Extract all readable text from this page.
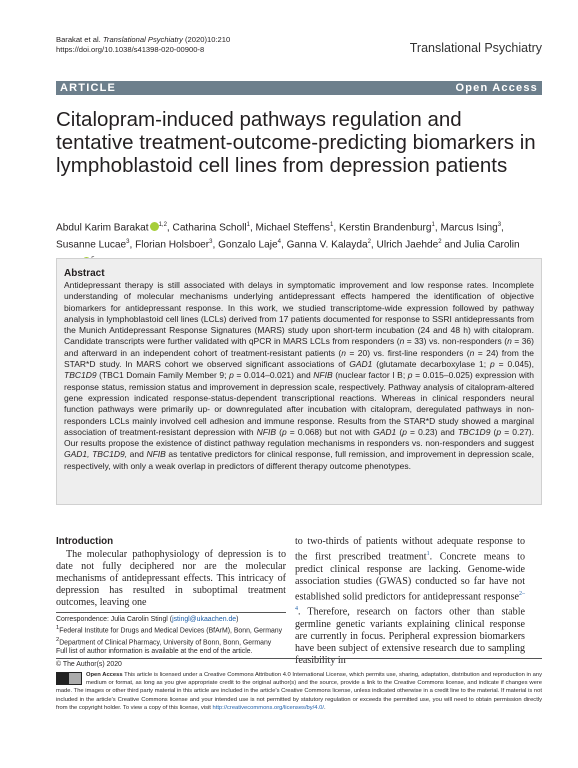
Barakat et al. Translational Psychiatry (2020)10:210
https://doi.org/10.1038/s41398-020-00900-8	Translational Psychiatry
ARTICLE	Open Access
Citalopram-induced pathways regulation and tentative treatment-outcome-predicting biomarkers in lymphoblastoid cell lines from depression patients
Abdul Karim Barakat $^{1,2}$, Catharina Scholl$^1$, Michael Steffens$^1$, Kerstin Brandenburg$^1$, Marcus Ising$^3$, Susanne Lucae$^3$, Florian Holsboer$^3$, Gonzalo Laje$^4$, Ganna V. Kalayda$^2$, Ulrich Jaehde$^2$ and Julia Carolin
Abstract

Antidepressant therapy is still associated with delays in symptomatic improvement and low response rates. Incomplete understanding of molecular mechanisms underlying antidepressant effects hampered the identification of objective biomarkers for antidepressant response. In this work, we studied transcriptome-wide expression followed by pathway analysis in lymphoblastoid cell lines (LCLs) derived from 17 patients documented for response to SSRI antidepressants from the Munich Antidepressant Response Signatures (MARS) study upon short-term incubation (24 and 48 h) with citalopram. Candidate transcripts were further validated with qPCR in MARS LCLs from responders (n = 33) vs. non-responders (n = 36) and afterward in an independent cohort of treatment-resistant patients (n = 20) vs. first-line responders (n = 24) from the STAR*D study. In MARS cohort we observed significant associations of GAD1 (glutamate decarboxylase 1; p = 0.045), TBC1D9 (TBC1 Domain Family Member 9; p = 0.014–0.021) and NFIB (nuclear factor I B; p = 0.015–0.025) expression with response status, remission status and improvement in depression scale, respectively. Pathway analysis of citalopram-altered gene expression indicated response-status-dependent transcriptional reactions. Whereas in clinical responders neural function pathways were primarily up- or downregulated after incubation with citalopram, deregulated pathways in non-responders LCLs mainly involved cell adhesion and immune response. Results from the STAR*D study showed a marginal association of treatment-resistant depression with NFIB (p = 0.068) but not with GAD1 (p = 0.23) and TBC1D9 (p = 0.27). Our results propose the existence of distinct pathway regulation mechanisms in responders vs. non-responders and suggest GAD1, TBC1D9, and NFIB as tentative predictors for clinical response, full remission, and improvement in depression scale, respectively, with only a weak overlap in predictors of different therapy outcome phenotypes.

Introduction

The molecular pathophysiology of depression is to date not fully deciphered nor are the molecular mechanisms of antidepressant effects. This intricacy of depression has resulted in suboptimal treatment outcomes, leaving one

to two-thirds of patients without adequate response to the first prescribed treatment$^1$. Concrete means to predict clinical response are lacking. Genome-wide association studies (GWAS) conducted so far have not established solid predictors for antidepressant response$^{2-4}$. Therefore, research on factors other than stable germline genetic variants explaining clinical response are currently in focus. Peripheral expression biomarkers have been subject of extensive research due to sampling feasibility in

Correspondence: Julia Carolin Stingl (jstingl@ukaachen.de)
$^1$Federal Institute for Drugs and Medical Devices (BfArM), Bonn, Germany
$^2$Department of Clinical Pharmacy, University of Bonn, Bonn, Germany
Full list of author information is available at the end of the article.
© The Author(s) 2020
Open Access This article is licensed under a Creative Commons Attribution 4.0 International License, which permits use, sharing, adaptation, distribution and reproduction in any medium or format, as long as you give appropriate credit to the original author(s) and the source, provide a link to the Creative Commons license, and indicate if changes were made. The images or other third party material in this article are included in the article's Creative Commons license, unless indicated otherwise in a credit line to the material. If material is not included in the article's Creative Commons license and your intended use is not permitted by statutory regulation or exceeds the permitted use, you will need to obtain permission directly from the copyright holder. To view a copy of this license, visit http://creativecommons.org/licenses/by/4.0/.
